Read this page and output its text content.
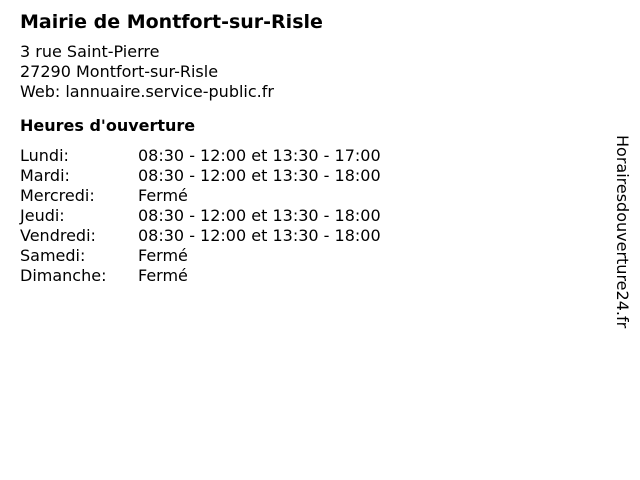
Mairie de Montfort-sur-Risle
3 rue Saint-Pierre
27290 Montfort-sur-Risle
Web: lannuaire.service-public.fr
Heures d'ouverture
Lundi:	08:30 - 12:00 et 13:30 - 17:00
Mardi:	08:30 - 12:00 et 13:30 - 18:00
Mercredi:	Fermé
Jeudi:	08:30 - 12:00 et 13:30 - 18:00
Vendredi:	08:30 - 12:00 et 13:30 - 18:00
Samedi:	Fermé
Dimanche:	Fermé	Horairesdouverture24.fr
